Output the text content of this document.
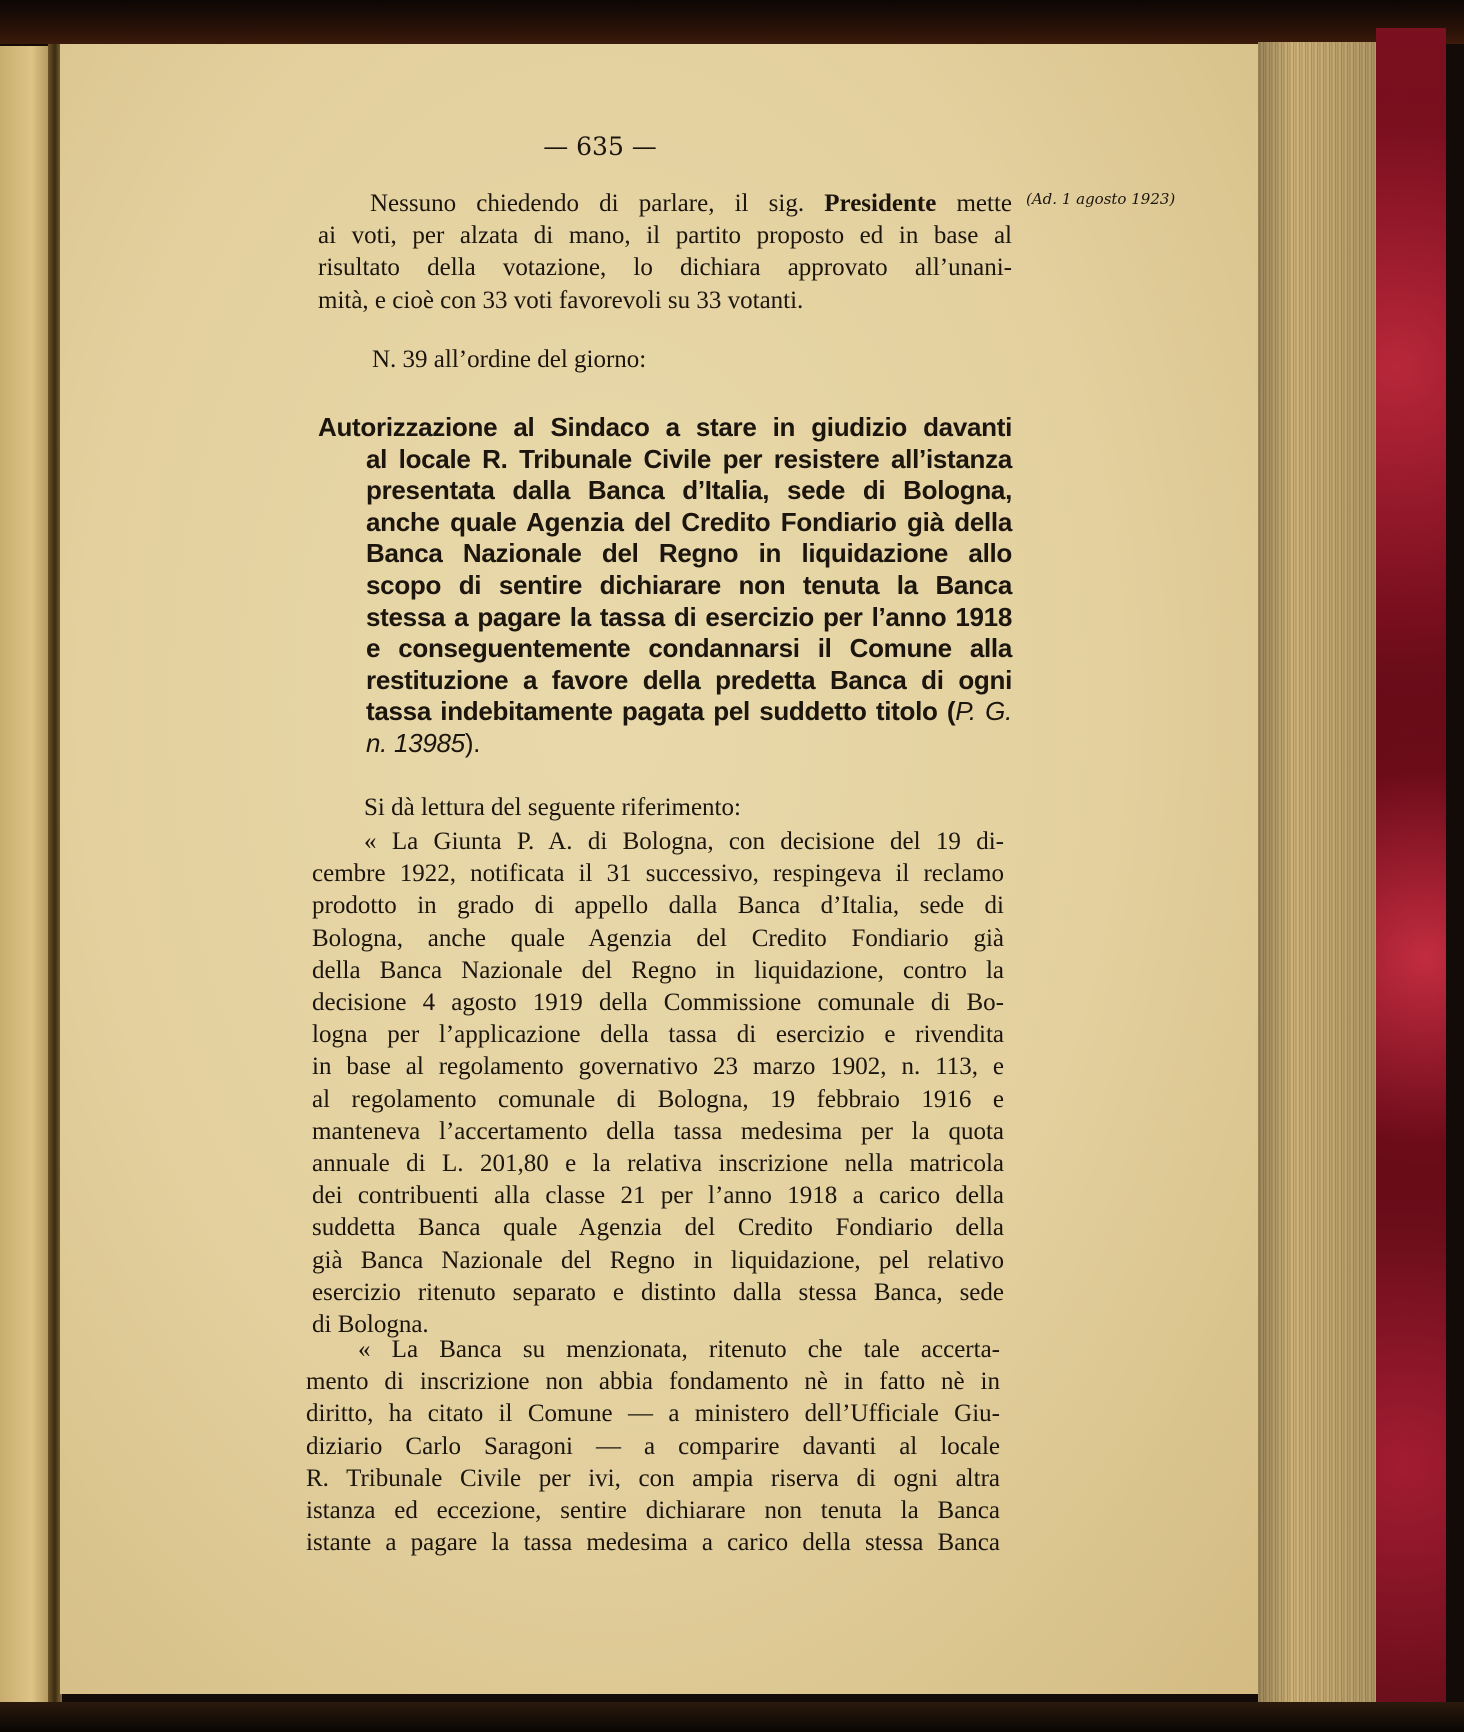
— 635 —
(Ad. 1 agosto 1923)

Nessuno chiedendo di parlare, il sig. Presidente mette
ai voti, per alzata di mano, il partito proposto ed in base al
risultato della votazione, lo dichiara approvato all’unani-
mità, e cioè con 33 voti favorevoli su 33 votanti.

N. 39 all’ordine del giorno:

Autorizzazione al Sindaco a stare in giudizio davanti
al locale R. Tribunale Civile per resistere all’istanza
presentata dalla Banca d’Italia, sede di Bologna,
anche quale Agenzia del Credito Fondiario già della
Banca Nazionale del Regno in liquidazione allo
scopo di sentire dichiarare non tenuta la Banca
stessa a pagare la tassa di esercizio per l’anno 1918
e conseguentemente condannarsi il Comune alla
restituzione a favore della predetta Banca di ogni
tassa indebitamente pagata pel suddetto titolo (P. G.
n. 13985).

Si dà lettura del seguente riferimento:

« La Giunta P. A. di Bologna, con decisione del 19 di-
cembre 1922, notificata il 31 successivo, respingeva il reclamo
prodotto in grado di appello dalla Banca d’Italia, sede di
Bologna, anche quale Agenzia del Credito Fondiario già
della Banca Nazionale del Regno in liquidazione, contro la
decisione 4 agosto 1919 della Commissione comunale di Bo-
logna per l’applicazione della tassa di esercizio e rivendita
in base al regolamento governativo 23 marzo 1902, n. 113, e
al regolamento comunale di Bologna, 19 febbraio 1916 e
manteneva l’accertamento della tassa medesima per la quota
annuale di L. 201,80 e la relativa inscrizione nella matricola
dei contribuenti alla classe 21 per l’anno 1918 a carico della
suddetta Banca quale Agenzia del Credito Fondiario della
già Banca Nazionale del Regno in liquidazione, pel relativo
esercizio ritenuto separato e distinto dalla stessa Banca, sede
di Bologna.

« La Banca su menzionata, ritenuto che tale accerta-
mento di inscrizione non abbia fondamento nè in fatto nè in
diritto, ha citato il Comune — a ministero dell’Ufficiale Giu-
diziario Carlo Saragoni — a comparire davanti al locale
R. Tribunale Civile per ivi, con ampia riserva di ogni altra
istanza ed eccezione, sentire dichiarare non tenuta la Banca
istante a pagare la tassa medesima a carico della stessa Banca
